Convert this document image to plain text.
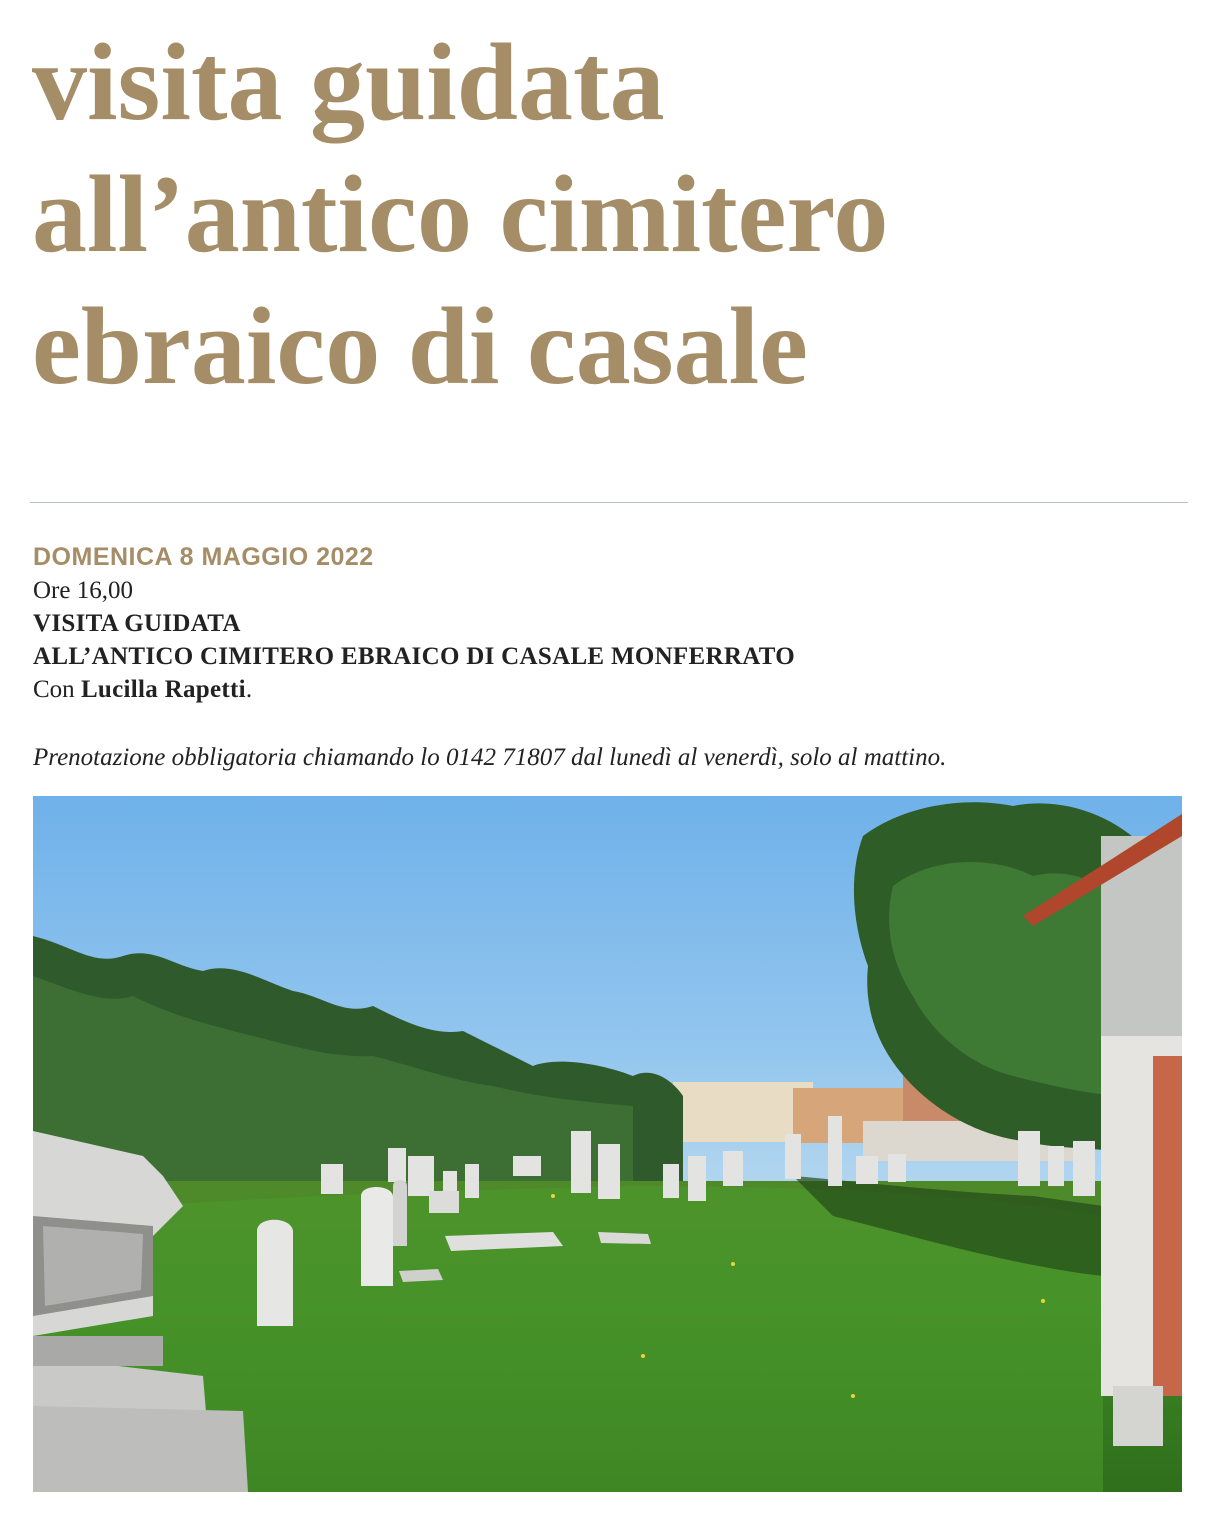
visita guidata
all’antico cimitero
ebraico di casale
DOMENICA 8 MAGGIO 2022
Ore 16,00
VISITA GUIDATA
ALL’ANTICO CIMITERO EBRAICO DI CASALE MONFERRATO
Con Lucilla Rapetti.
Prenotazione obbligatoria chiamando lo 0142 71807 dal lunedì al venerdì, solo al mattino.
